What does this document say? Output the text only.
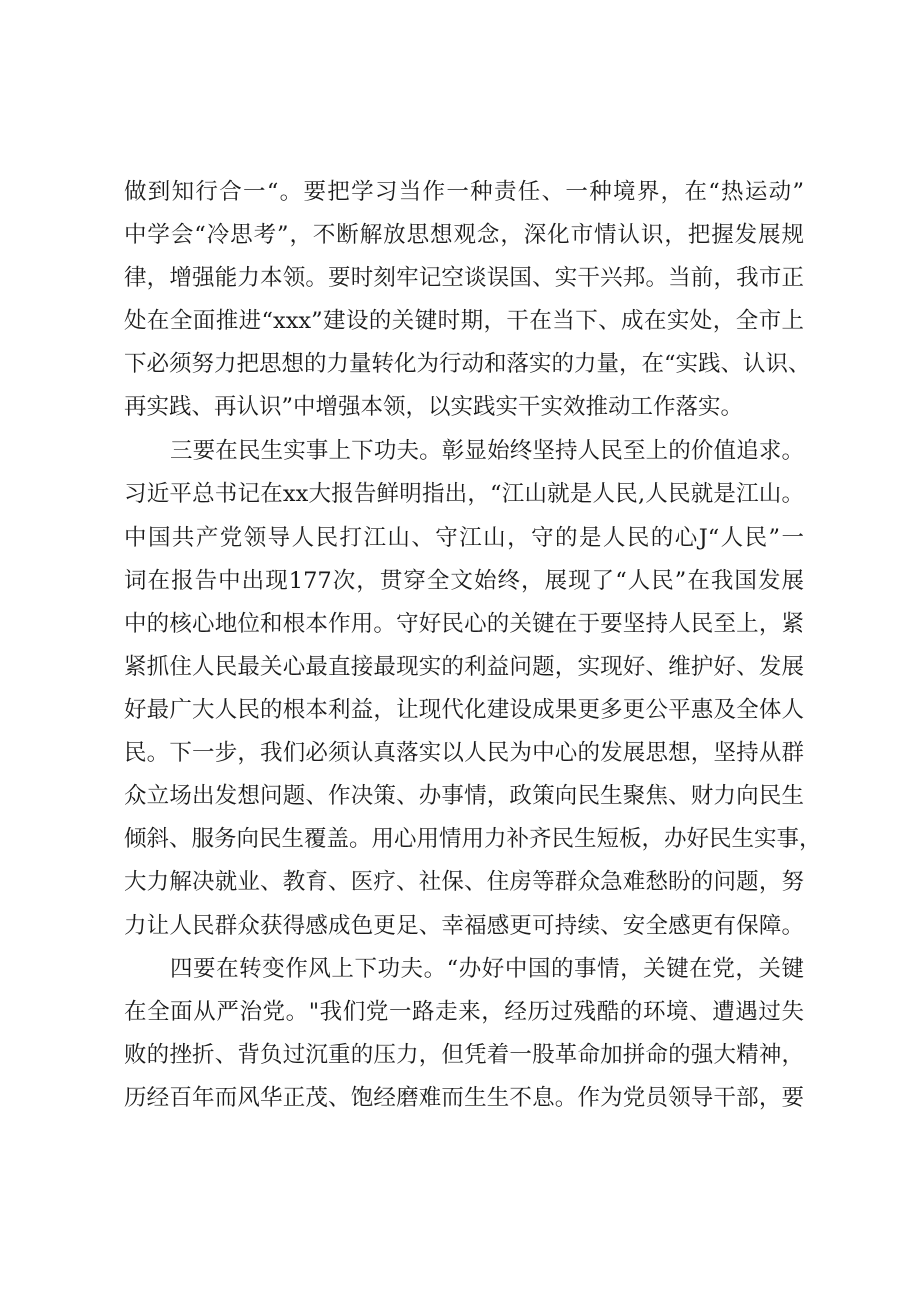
做到知行合一“。要把学习当作一种责任、一种境界，在“热运动”
中学会“冷思考”，不断解放思想观念，深化市情认识，把握发展规
律，增强能力本领。要时刻牢记空谈误国、实干兴邦。当前，我市正
处在全面推进“xxx”建设的关键时期，干在当下、成在实处，全市上
下必须努力把思想的力量转化为行动和落实的力量，在“实践、认识、
再实践、再认识”中增强本领，以实践实干实效推动工作落实。
三要在民生实事上下功夫。彰显始终坚持人民至上的价值追求。
习近平总书记在xx大报告鲜明指出，“江山就是人民,人民就是江山。
中国共产党领导人民打江山、守江山，守的是人民的心J“人民”一
词在报告中出现177次，贯穿全文始终，展现了“人民”在我国发展
中的核心地位和根本作用。守好民心的关键在于要坚持人民至上，紧
紧抓住人民最关心最直接最现实的利益问题，实现好、维护好、发展
好最广大人民的根本利益，让现代化建设成果更多更公平惠及全体人
民。下一步，我们必须认真落实以人民为中心的发展思想，坚持从群
众立场出发想问题、作决策、办事情，政策向民生聚焦、财力向民生
倾斜、服务向民生覆盖。用心用情用力补齐民生短板，办好民生实事，
大力解决就业、教育、医疗、社保、住房等群众急难愁盼的问题，努
力让人民群众获得感成色更足、幸福感更可持续、安全感更有保障。
四要在转变作风上下功夫。“办好中国的事情，关键在党，关键
在全面从严治党。"我们党一路走来，经历过残酷的环境、遭遇过失
败的挫折、背负过沉重的压力，但凭着一股革命加拼命的强大精神，
历经百年而风华正茂、饱经磨难而生生不息。作为党员领导干部，要
